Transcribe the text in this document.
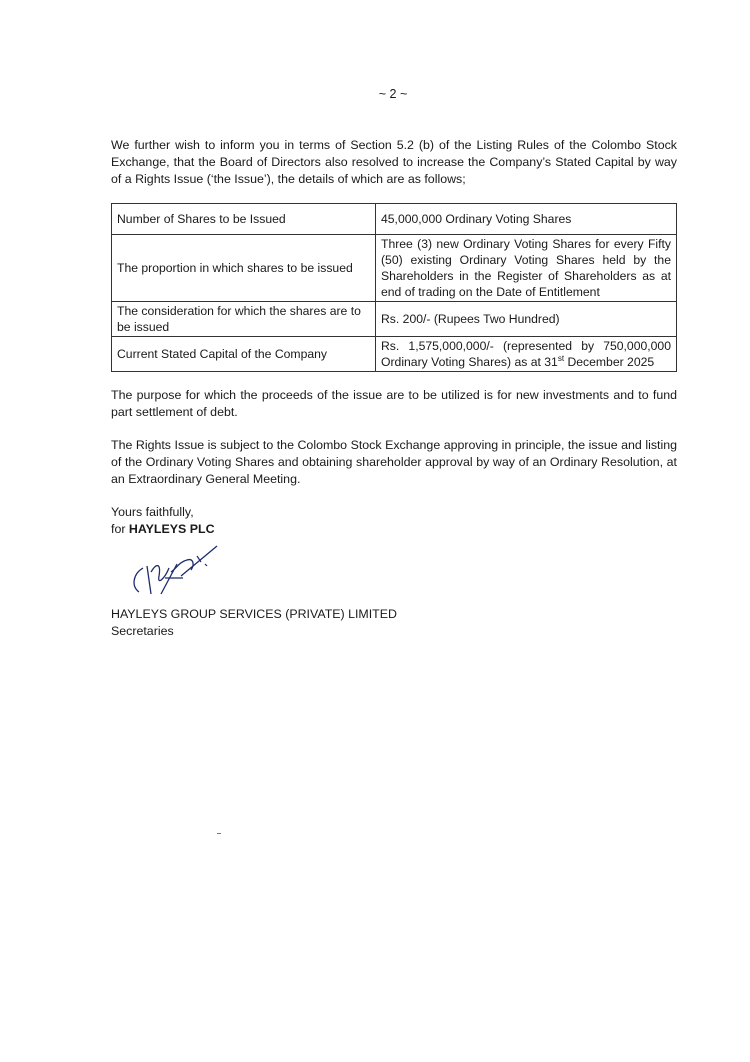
~ 2 ~

We further wish to inform you in terms of Section 5.2 (b) of the Listing Rules of the Colombo Stock Exchange, that the Board of Directors also resolved to increase the Company’s Stated Capital by way of a Rights Issue (‘the Issue’), the details of which are as follows;

Number of Shares to be Issued	45,000,000 Ordinary Voting Shares
The proportion in which shares to be issued	Three (3) new Ordinary Voting Shares for every Fifty (50) existing Ordinary Voting Shares held by the Shareholders in the Register of Shareholders as at end of trading on the Date of Entitlement
The consideration for which the shares are to be issued	Rs. 200/- (Rupees Two Hundred)
Current Stated Capital of the Company	Rs. 1,575,000,000/- (represented by 750,000,000 Ordinary Voting Shares) as at 31st December 2025

The purpose for which the proceeds of the issue are to be utilized is for new investments and to fund part settlement of debt.

The Rights Issue is subject to the Colombo Stock Exchange approving in principle, the issue and listing of the Ordinary Voting Shares and obtaining shareholder approval by way of an Ordinary Resolution, at an Extraordinary General Meeting.

Yours faithfully,
for HAYLEYS PLC
HAYLEYS GROUP SERVICES (PRIVATE) LIMITED
Secretaries
